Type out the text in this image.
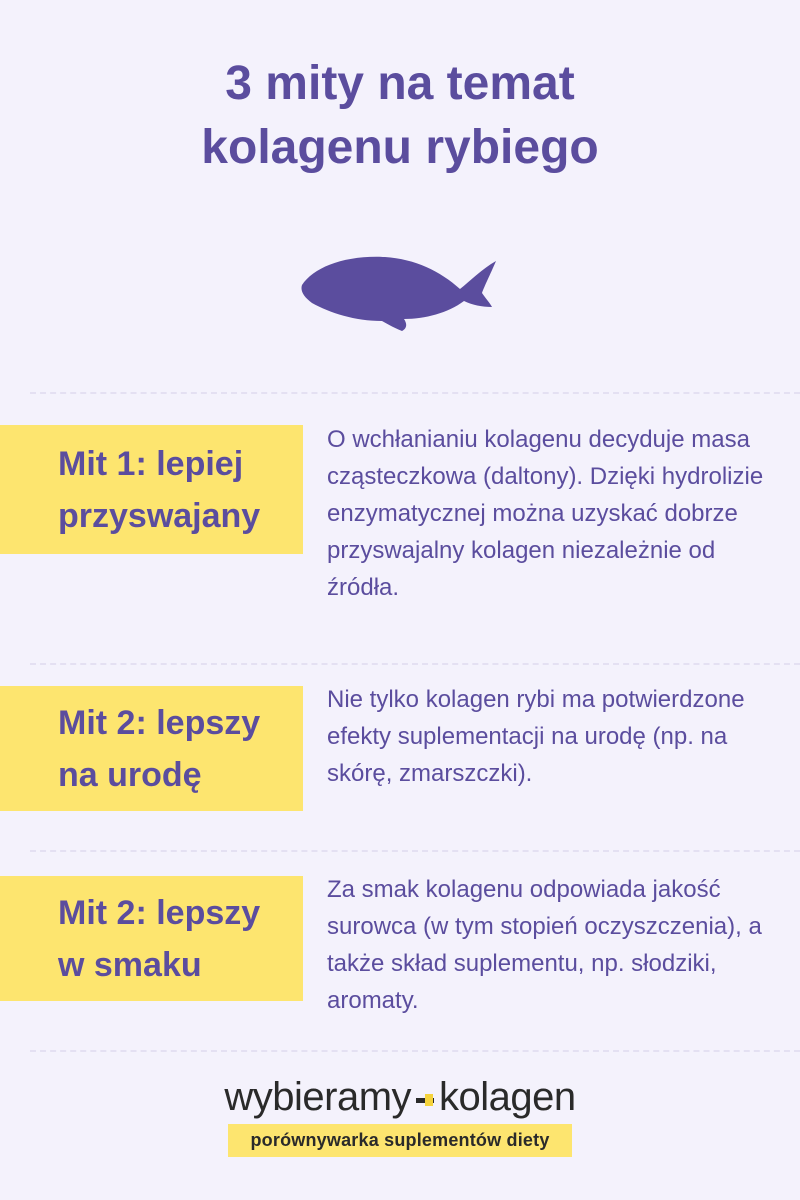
3 mity na temat
kolagenu rybiego
Mit 1: lepiej
przyswajany
O wchłanianiu kolagenu decyduje masa cząsteczkowa (daltony). Dzięki hydrolizie enzymatycznej można uzyskać dobrze przyswajalny kolagen niezależnie od źródła.
Mit 2: lepszy
na urodę
Nie tylko kolagen rybi ma potwierdzone efekty suplementacji na urodę (np. na skórę, zmarszczki).
Mit 2: lepszy
w smaku
Za smak kolagenu odpowiada jakość surowca (w tym stopień oczyszczenia), a także skład suplementu, np. słodziki, aromaty.
wybieramy kolagen
porównywarka suplementów diety
